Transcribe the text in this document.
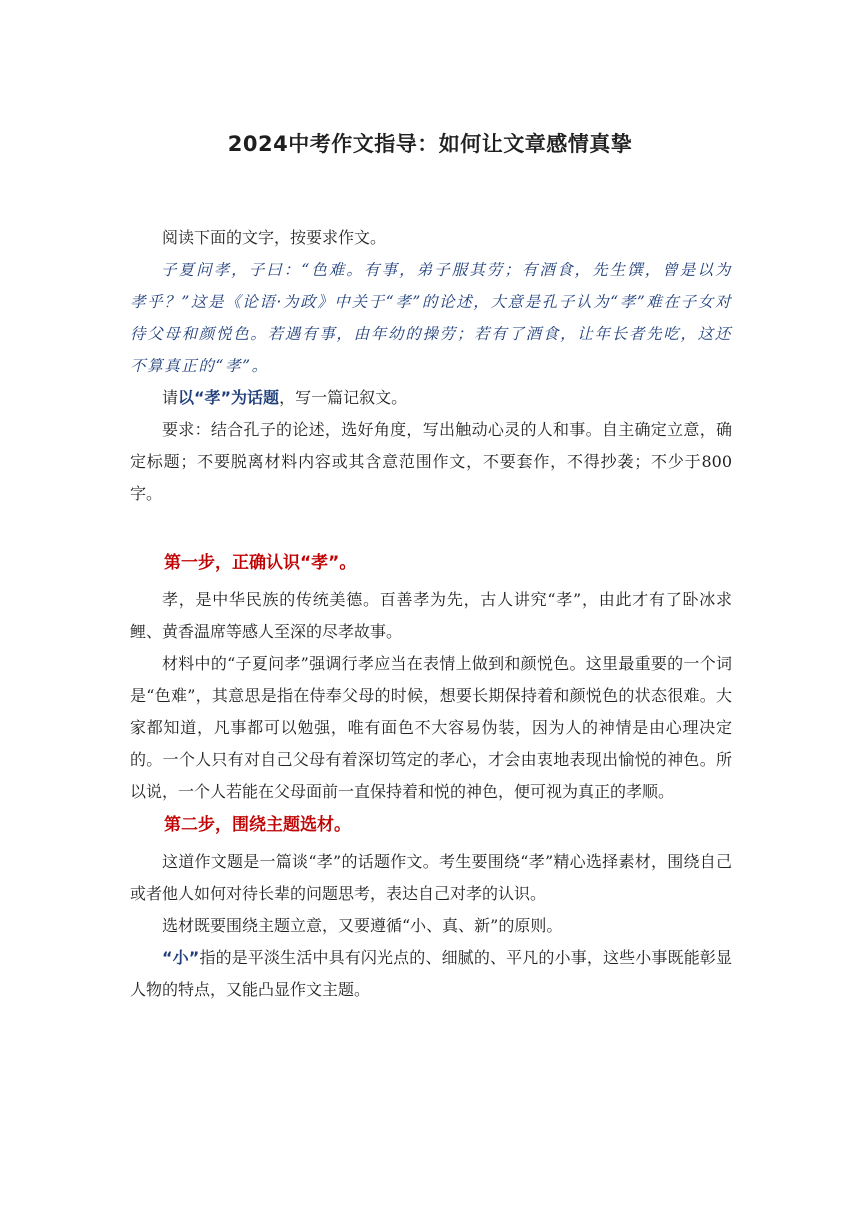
2024中考作文指导：如何让文章感情真挚

阅读下面的文字，按要求作文。

子夏问孝，子曰：“色难。有事，弟子服其劳；有酒食，先生馔，曾是以为孝乎？”这是《论语·为政》中关于“孝”的论述，大意是孔子认为“孝”难在子女对待父母和颜悦色。若遇有事，由年幼的操劳；若有了酒食，让年长者先吃，这还不算真正的“孝”。

请以“孝”为话题，写一篇记叙文。

要求：结合孔子的论述，选好角度，写出触动心灵的人和事。自主确定立意，确定标题；不要脱离材料内容或其含意范围作文，不要套作，不得抄袭；不少于800字。

第一步，正确认识“孝”。

孝，是中华民族的传统美德。百善孝为先，古人讲究“孝”，由此才有了卧冰求鲤、黄香温席等感人至深的尽孝故事。

材料中的“子夏问孝”强调行孝应当在表情上做到和颜悦色。这里最重要的一个词是“色难”，其意思是指在侍奉父母的时候，想要长期保持着和颜悦色的状态很难。大家都知道，凡事都可以勉强，唯有面色不大容易伪装，因为人的神情是由心理决定的。一个人只有对自己父母有着深切笃定的孝心，才会由衷地表现出愉悦的神色。所以说，一个人若能在父母面前一直保持着和悦的神色，便可视为真正的孝顺。

第二步，围绕主题选材。

这道作文题是一篇谈“孝”的话题作文。考生要围绕“孝”精心选择素材，围绕自己或者他人如何对待长辈的问题思考，表达自己对孝的认识。

选材既要围绕主题立意，又要遵循“小、真、新”的原则。

“小”指的是平淡生活中具有闪光点的、细腻的、平凡的小事，这些小事既能彰显人物的特点，又能凸显作文主题。
